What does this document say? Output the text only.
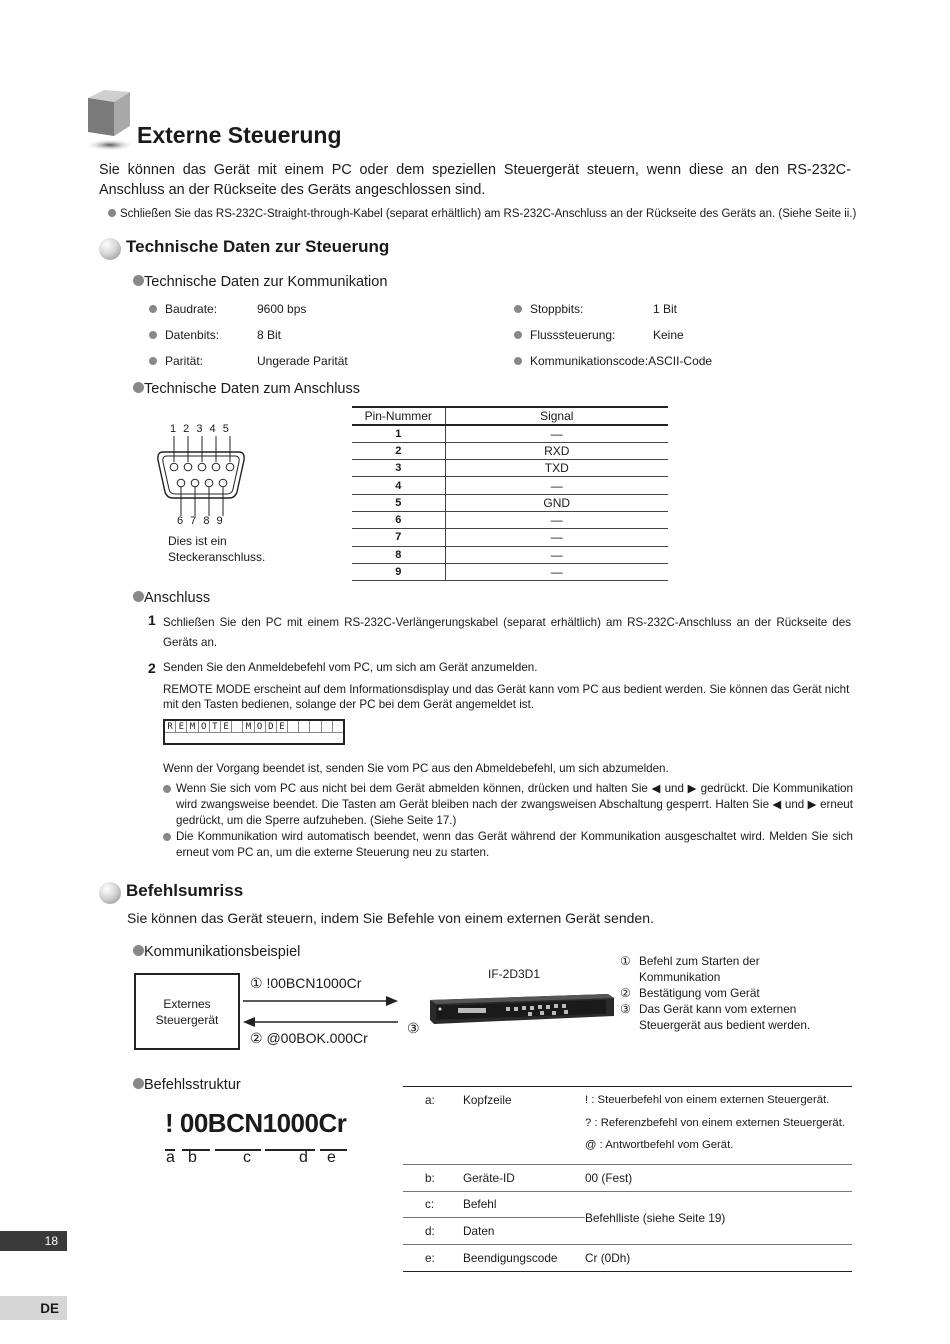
Externe Steuerung
Sie können das Gerät mit einem PC oder dem speziellen Steuergerät steuern, wenn diese an den RS-232C-Anschluss an der Rückseite des Geräts angeschlossen sind.
Schließen Sie das RS-232C-Straight-through-Kabel (separat erhältlich) am RS-232C-Anschluss an der Rückseite des Geräts an. (Siehe Seite ii.)
Technische Daten zur Steuerung
Technische Daten zur Kommunikation
Baudrate:	9600 bps
Datenbits:	8 Bit
Parität:	Ungerade Parität
Stoppbits:	1 Bit
Flusssteuerung:	Keine
Kommunikationscode:ASCII-Code
Technische Daten zum Anschluss
1 2 3 4 5
6 7 8 9
Dies ist ein
Steckeranschluss.
Pin-Nummer	Signal
1	—
2	RXD
3	TXD
4	—
5	GND
6	—
7	—
8	—
9	—
Anschluss
1 Schließen Sie den PC mit einem RS-232C-Verlängerungskabel (separat erhältlich) am RS-232C-Anschluss an der Rückseite des
Geräts an.
2 Senden Sie den Anmeldebefehl vom PC, um sich am Gerät anzumelden.
REMOTE MODE erscheint auf dem Informationsdisplay und das Gerät kann vom PC aus bedient werden. Sie können das Gerät nicht mit den Tasten bedienen, solange der PC bei dem Gerät angemeldet ist.
R E M O T E	M O D E
Wenn der Vorgang beendet ist, senden Sie vom PC aus den Abmeldebefehl, um sich abzumelden.
Wenn Sie sich vom PC aus nicht bei dem Gerät abmelden können, drücken und halten Sie ◀ und ▶ gedrückt. Die Kommunikation wird zwangsweise beendet. Die Tasten am Gerät bleiben nach der zwangsweisen Abschaltung gesperrt. Halten Sie ◀ und ▶ erneut gedrückt, um die Sperre aufzuheben. (Siehe Seite 17.)
Die Kommunikation wird automatisch beendet, wenn das Gerät während der Kommunikation ausgeschaltet wird. Melden Sie sich erneut vom PC an, um die externe Steuerung neu zu starten.
Befehlsumriss
Sie können das Gerät steuern, indem Sie Befehle von einem externen Gerät senden.
Kommunikationsbeispiel
Externes
Steuergerät
① !00BCN1000Cr
② @00BOK.000Cr
③
IF-2D3D1
① Befehl zum Starten der
Kommunikation
② Bestätigung vom Gerät
③ Das Gerät kann vom externen
Steuergerät aus bedient werden.
Befehlsstruktur
! 00BCN1000Cr
a b	c	d e
a:	Kopfzeile	! : Steuerbefehl von einem externen Steuergerät.
? : Referenzbefehl von einem externen Steuergerät.
@ : Antwortbefehl vom Gerät.
b:	Geräte-ID	00 (Fest)
c:	Befehl
d:	Daten
Befehlliste (siehe Seite 19)
e:	Beendigungscode	Cr (0Dh)
18
DE
